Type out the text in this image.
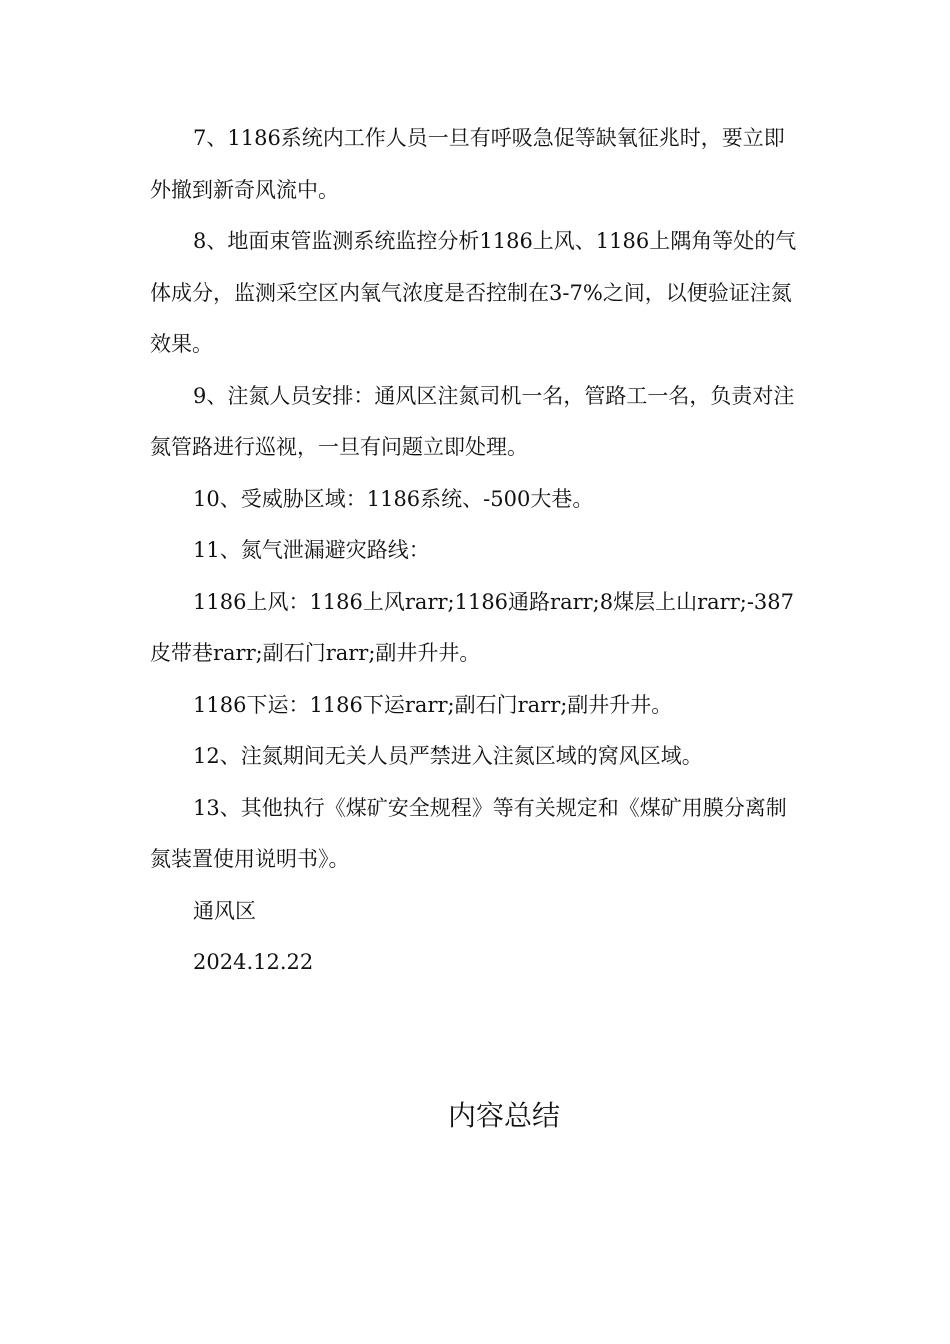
7、1186系统内工作人员一旦有呼吸急促等缺氧征兆时，要立即外撤到新奇风流中。

8、地面束管监测系统监控分析1186上风、1186上隅角等处的气体成分，监测采空区内氧气浓度是否控制在3-7%之间，以便验证注氮效果。

9、注氮人员安排：通风区注氮司机一名，管路工一名，负责对注氮管路进行巡视，一旦有问题立即处理。

10、受威胁区域：1186系统、-500大巷。

11、氮气泄漏避灾路线：

1186上风：1186上风rarr;1186通路rarr;8煤层上山rarr;-387皮带巷rarr;副石门rarr;副井升井。

1186下运：1186下运rarr;副石门rarr;副井升井。

12、注氮期间无关人员严禁进入注氮区域的窝风区域。

13、其他执行《煤矿安全规程》等有关规定和《煤矿用膜分离制氮装置使用说明书》。

通风区

2024.12.22

内容总结
